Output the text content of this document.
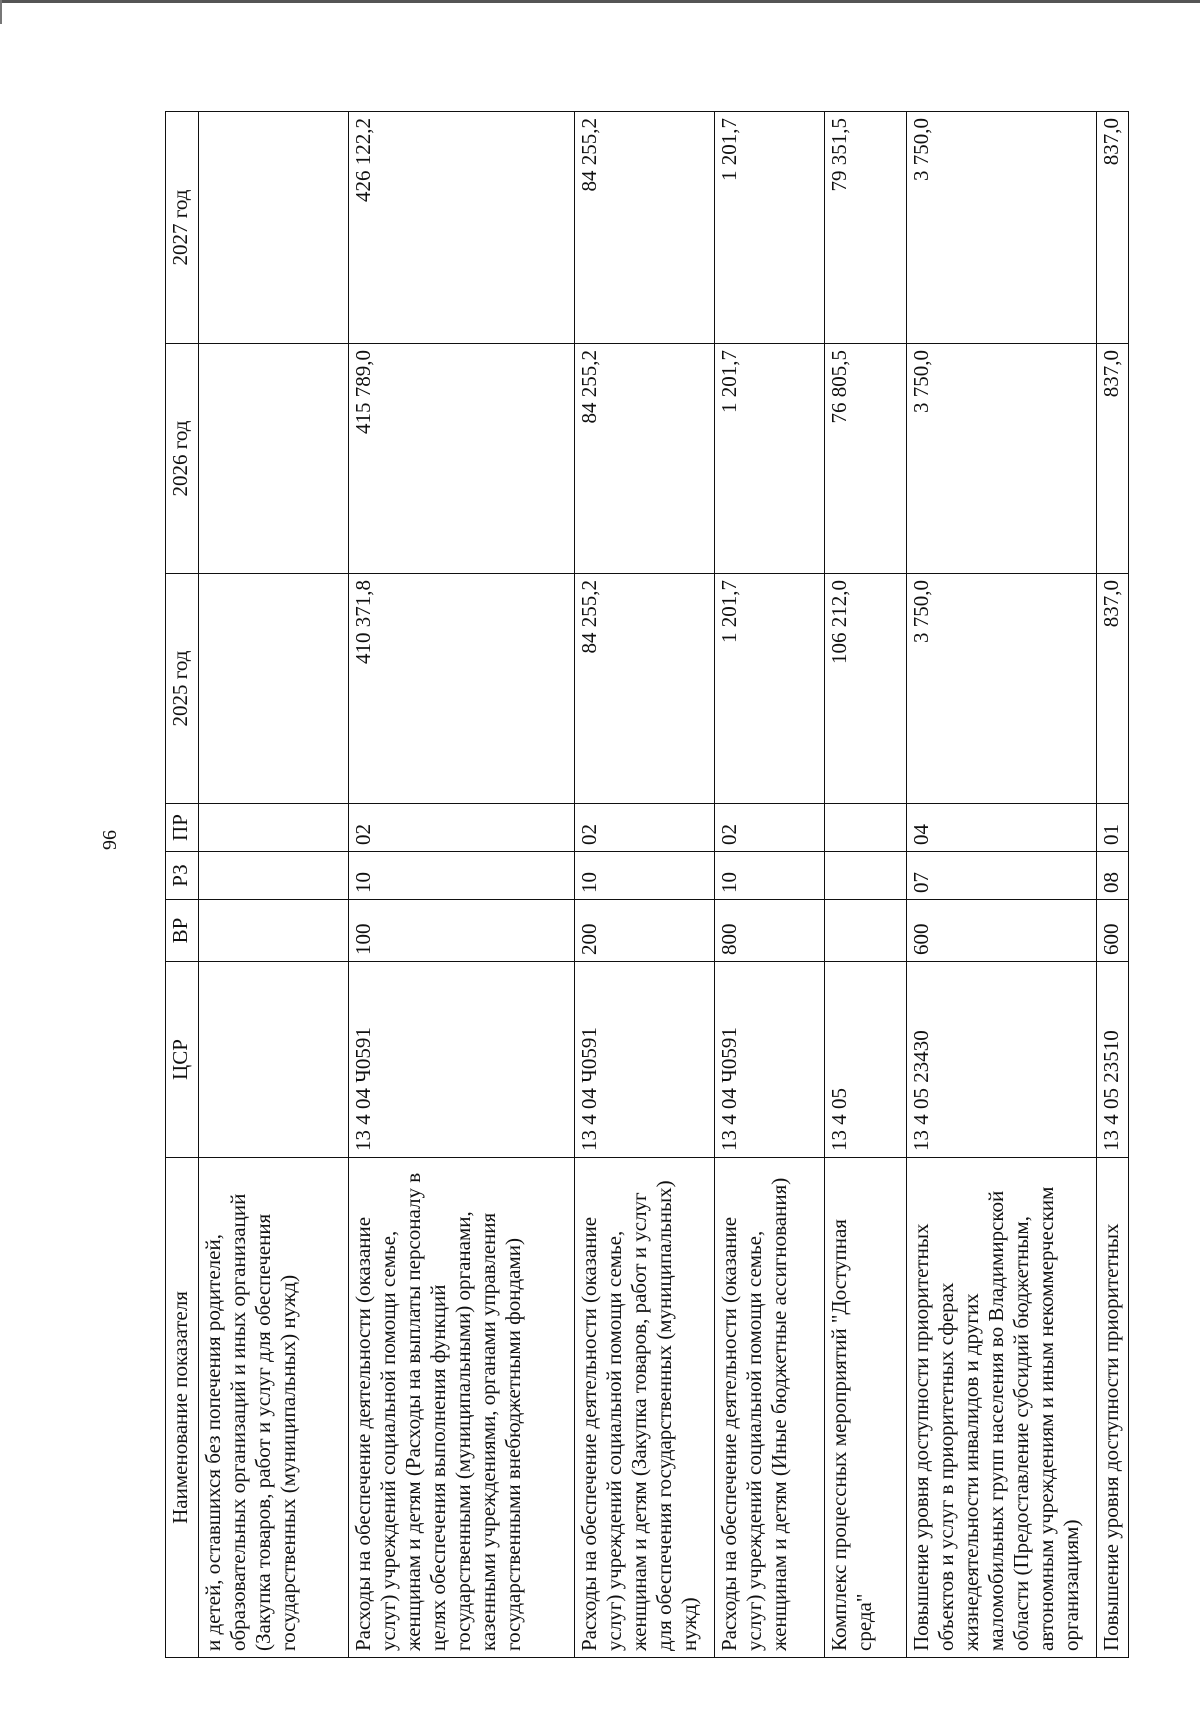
96
Наименование показателя	ЦСР	ВР	РЗ	ПР	2025 год	2026 год	2027 год
и детей, оставшихся без попечения родителей, образовательных организаций и иных организаций (Закупка товаров, работ и услуг для обеспечения государственных (муниципальных) нужд)							
Расходы на обеспечение деятельности (оказание услуг) учреждений социальной помощи семье, женщинам и детям (Расходы на выплаты персоналу в целях обеспечения выполнения функций государственными (муниципальными) органами, казенными учреждениями, органами управления государственными внебюджетными фондами)	13 4 04 Ч0591	100	10	02	410 371,8	415 789,0	426 122,2
Расходы на обеспечение деятельности (оказание услуг) учреждений социальной помощи семье, женщинам и детям (Закупка товаров, работ и услуг для обеспечения государственных (муниципальных) нужд)	13 4 04 Ч0591	200	10	02	84 255,2	84 255,2	84 255,2
Расходы на обеспечение деятельности (оказание услуг) учреждений социальной помощи семье, женщинам и детям (Иные бюджетные ассигнования)	13 4 04 Ч0591	800	10	02	1 201,7	1 201,7	1 201,7
Комплекс процессных мероприятий "Доступная среда"	13 4 05				106 212,0	76 805,5	79 351,5
Повышение уровня доступности приоритетных объектов и услуг в приоритетных сферах жизнедеятельности инвалидов и других маломобильных групп населения во Владимирской области (Предоставление субсидий бюджетным, автономным учреждениям и иным некоммерческим организациям)	13 4 05 23430	600	07	04	3 750,0	3 750,0	3 750,0
Повышение уровня доступности приоритетных	13 4 05 23510	600	08	01	837,0	837,0	837,0
